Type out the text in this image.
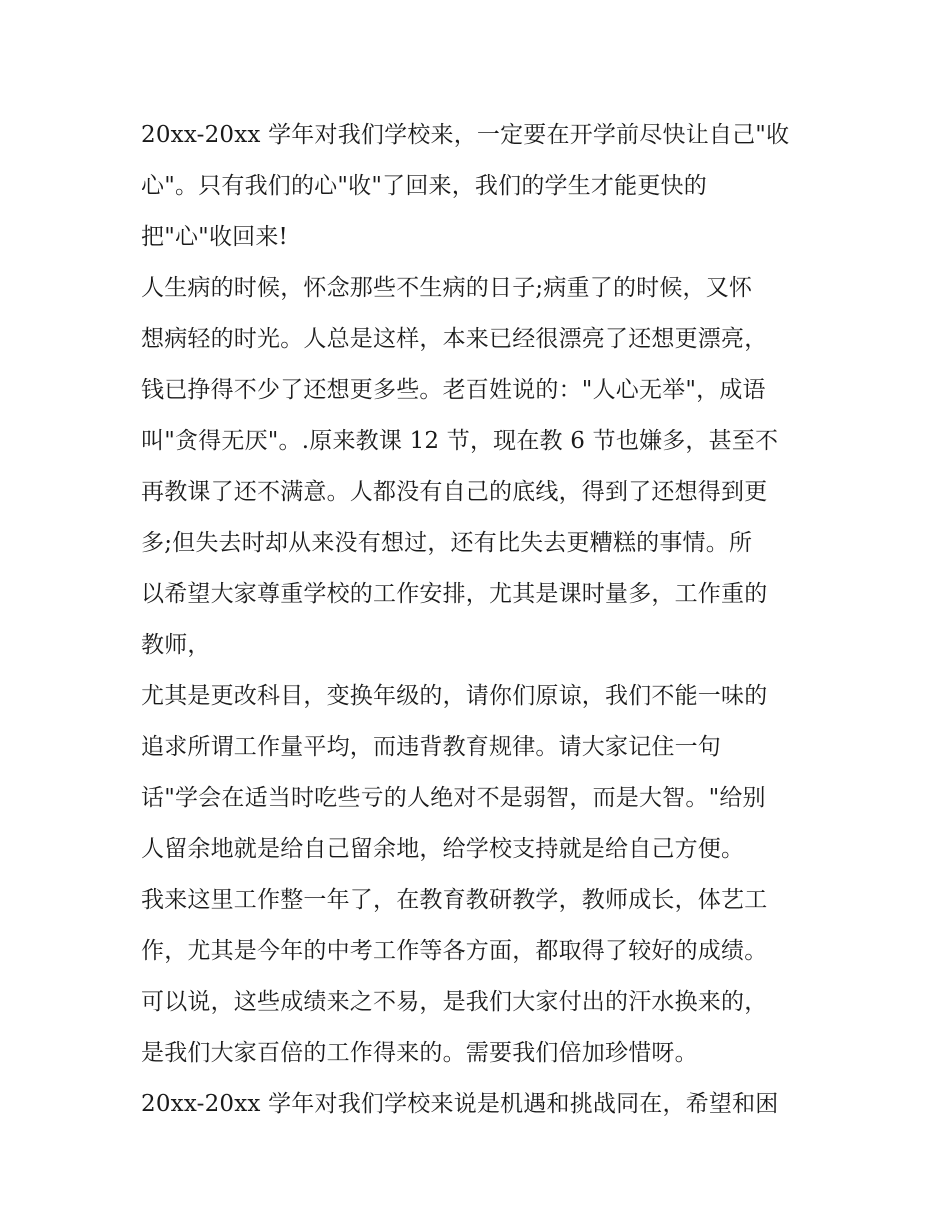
20xx-20xx 学年对我们学校来，一定要在开学前尽快让自己"收
心"。只有我们的心"收"了回来，我们的学生才能更快的
把"心"收回来!
人生病的时候，怀念那些不生病的日子;病重了的时候，又怀
想病轻的时光。人总是这样，本来已经很漂亮了还想更漂亮，
钱已挣得不少了还想更多些。老百姓说的："人心无举"，成语
叫"贪得无厌"。.原来教课 12 节，现在教 6 节也嫌多，甚至不
再教课了还不满意。人都没有自己的底线，得到了还想得到更
多;但失去时却从来没有想过，还有比失去更糟糕的事情。所
以希望大家尊重学校的工作安排，尤其是课时量多，工作重的
教师，
尤其是更改科目，变换年级的，请你们原谅，我们不能一味的
追求所谓工作量平均，而违背教育规律。请大家记住一句
话"学会在适当时吃些亏的人绝对不是弱智，而是大智。"给别
人留余地就是给自己留余地，给学校支持就是给自己方便。
我来这里工作整一年了，在教育教研教学，教师成长，体艺工
作，尤其是今年的中考工作等各方面，都取得了较好的成绩。
可以说，这些成绩来之不易，是我们大家付出的汗水换来的，
是我们大家百倍的工作得来的。需要我们倍加珍惜呀。
20xx-20xx 学年对我们学校来说是机遇和挑战同在，希望和困
